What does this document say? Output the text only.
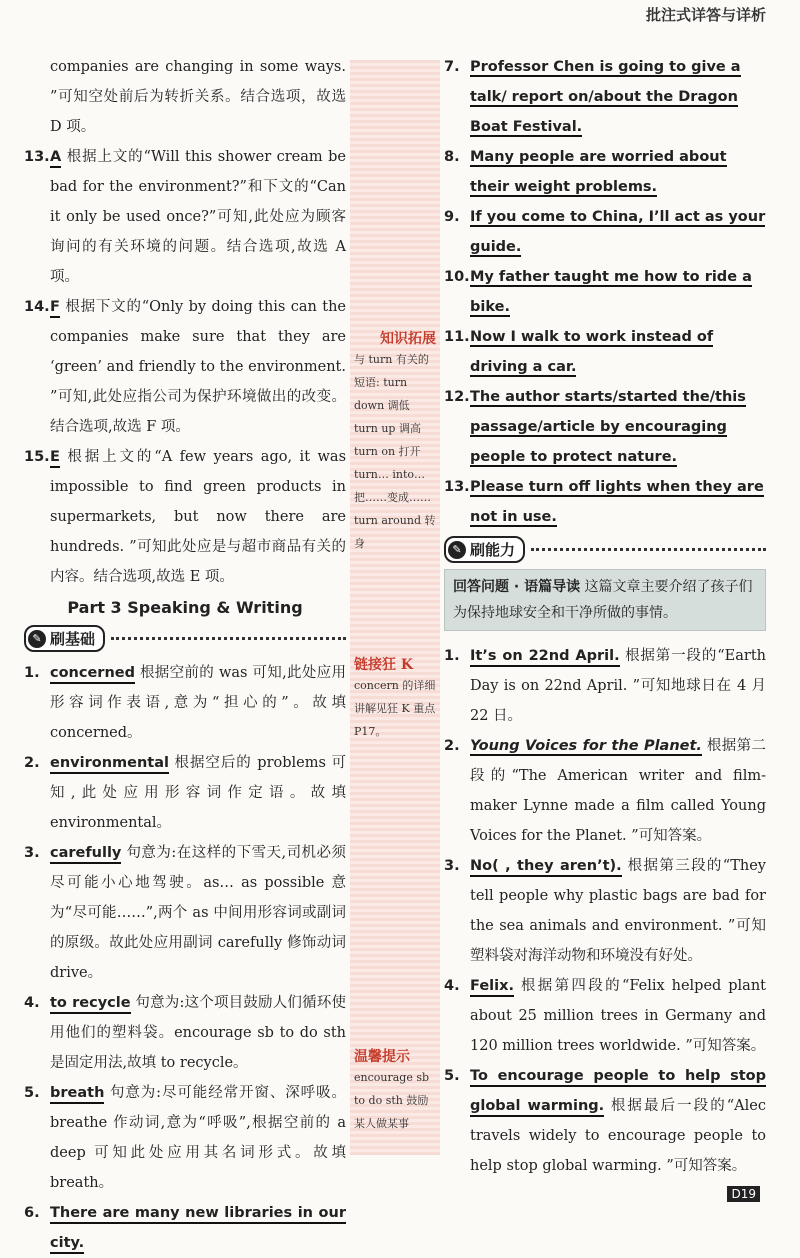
批注式详答与详析
companies are changing in some ways. ”可知空处前后为转折关系。结合选项，故选 D 项。
13. A 根据上文的“Will this shower cream be bad for the environment?”和下文的“Can it only be used once?”可知,此处应为顾客询问的有关环境的问题。结合选项,故选 A 项。
14. F 根据下文的“Only by doing this can the companies make sure that they are ‘green’ and friendly to the environment. ”可知,此处应指公司为保护环境做出的改变。结合选项,故选 F 项。
15. E 根据上文的“A few years ago, it was impossible to find green products in supermarkets, but now there are hundreds. ”可知此处应是与超市商品有关的内容。结合选项,故选 E 项。
Part 3 Speaking & Writing
✎ 刷基础
1. concerned 根据空前的 was 可知,此处应用形容词作表语,意为“担心的”。故填 concerned。
2. environmental 根据空后的 problems 可知,此处应用形容词作定语。故填 environmental。
3. carefully 句意为:在这样的下雪天,司机必须尽可能小心地驾驶。as… as possible 意为“尽可能……”,两个 as 中间用形容词或副词的原级。故此处应用副词 carefully 修饰动词 drive。
4. to recycle 句意为:这个项目鼓励人们循环使用他们的塑料袋。encourage sb to do sth 是固定用法,故填 to recycle。
5. breath 句意为:尽可能经常开窗、深呼吸。breathe 作动词,意为“呼吸”,根据空前的 a deep 可知此处应用其名词形式。故填 breath。
6. There are many new libraries in our city.
知识拓展
与 turn 有关的短语: turn down 调低 turn up 调高 turn on 打开 turn… into… 把……变成…… turn around 转身
链接狂 K
concern 的详细讲解见狂 K 重点 P17。
温馨提示
encourage sb to do sth 鼓励某人做某事
7. Professor Chen is going to give a talk/ report on/about the Dragon Boat Festival.
8. Many people are worried about their weight problems.
9. If you come to China, I’ll act as your guide.
10. My father taught me how to ride a bike.
11. Now I walk to work instead of driving a car.
12. The author starts/started the/this passage/article by encouraging people to protect nature.
13. Please turn off lights when they are not in use.
✎ 刷能力
回答问题 · 语篇导读 这篇文章主要介绍了孩子们为保持地球安全和干净所做的事情。
1. It’s on 22nd April. 根据第一段的“Earth Day is on 22nd April. ”可知地球日在 4 月 22 日。
2. Young Voices for the Planet. 根据第二段的“The American writer and film-maker Lynne made a film called Young Voices for the Planet. ”可知答案。
3. No( , they aren’t). 根据第三段的“They tell people why plastic bags are bad for the sea animals and environment. ”可知塑料袋对海洋动物和环境没有好处。
4. Felix. 根据第四段的“Felix helped plant about 25 million trees in Germany and 120 million trees worldwide. ”可知答案。
5. To encourage people to help stop global warming. 根据最后一段的“Alec travels widely to encourage people to help stop global warming. ”可知答案。
D19
